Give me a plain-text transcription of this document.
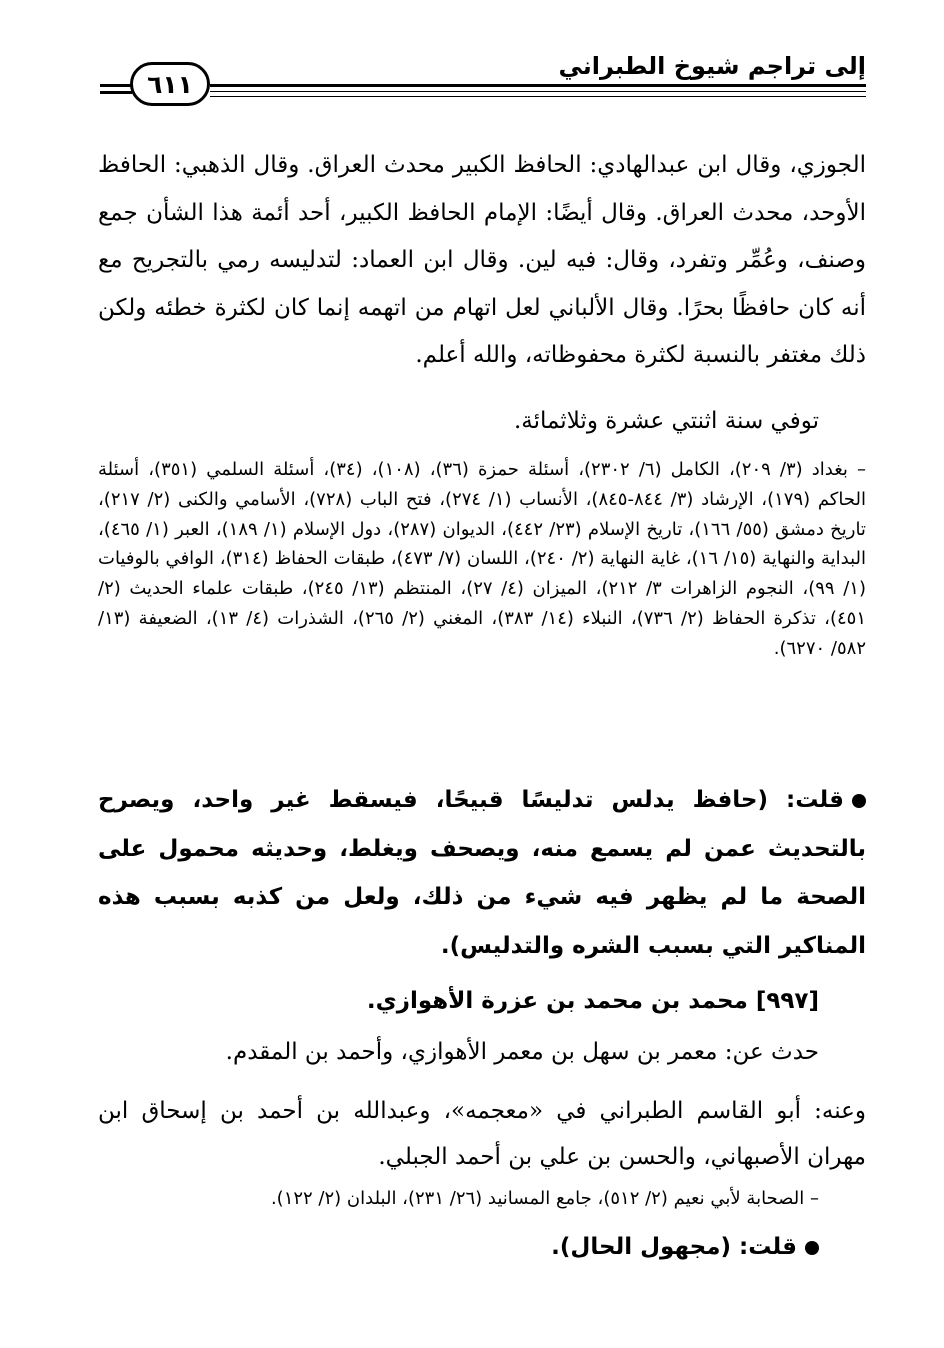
إلى تراجم شيوخ الطبراني
٦١١
الجوزي، وقال ابن عبدالهادي: الحافظ الكبير محدث العراق. وقال الذهبي: الحافظ الأوحد، محدث العراق. وقال أيضًا: الإمام الحافظ الكبير، أحد أئمة هذا الشأن جمع وصنف، وعُمِّر وتفرد، وقال: فيه لين. وقال ابن العماد: لتدليسه رمي بالتجريح مع أنه كان حافظًا بحرًا. وقال الألباني لعل اتهام من اتهمه إنما كان لكثرة خطئه ولكن ذلك مغتفر بالنسبة لكثرة محفوظاته، والله أعلم.
توفي سنة اثنتي عشرة وثلاثمائة.
– بغداد (٣/ ٢٠٩)، الكامل (٦/ ٢٣٠٢)، أسئلة حمزة (٣٦)، (١٠٨)، (٣٤)، أسئلة السلمي (٣٥١)، أسئلة الحاكم (١٧٩)، الإرشاد (٣/ ٨٤٤-٨٤٥)، الأنساب (١/ ٢٧٤)، فتح الباب (٧٢٨)، الأسامي والكنى (٢/ ٢١٧)، تاريخ دمشق (٥٥/ ١٦٦)، تاريخ الإسلام (٢٣/ ٤٤٢)، الديوان (٢٨٧)، دول الإسلام (١/ ١٨٩)، العبر (١/ ٤٦٥)، البداية والنهاية (١٥/ ١٦)، غاية النهاية (٢/ ٢٤٠)، اللسان (٧/ ٤٧٣)، طبقات الحفاظ (٣١٤)، الوافي بالوفيات (١/ ٩٩)، النجوم الزاهرات ٣/ ٢١٢)، الميزان (٤/ ٢٧)، المنتظم (١٣/ ٢٤٥)، طبقات علماء الحديث (٢/ ٤٥١)، تذكرة الحفاظ (٢/ ٧٣٦)، النبلاء (١٤/ ٣٨٣)، المغني (٢/ ٢٦٥)، الشذرات (٤/ ١٣)، الضعيفة (١٣/ ٥٨٢/ ٦٢٧٠).
قلت: (حافظ يدلس تدليسًا قبيحًا، فيسقط غير واحد، ويصرح بالتحديث عمن لم يسمع منه، ويصحف ويغلط، وحديثه محمول على الصحة ما لم يظهر فيه شيء من ذلك، ولعل من كذبه بسبب هذه المناكير التي بسبب الشره والتدليس).
[٩٩٧] محمد بن محمد بن عزرة الأهوازي.
حدث عن: معمر بن سهل بن معمر الأهوازي، وأحمد بن المقدم.
وعنه: أبو القاسم الطبراني في «معجمه»، وعبدالله بن أحمد بن إسحاق ابن مهران الأصبهاني، والحسن بن علي بن أحمد الجبلي.
– الصحابة لأبي نعيم (٢/ ٥١٢)، جامع المسانيد (٢٦/ ٢٣١)، البلدان (٢/ ١٢٢).
قلت: (مجهول الحال).
